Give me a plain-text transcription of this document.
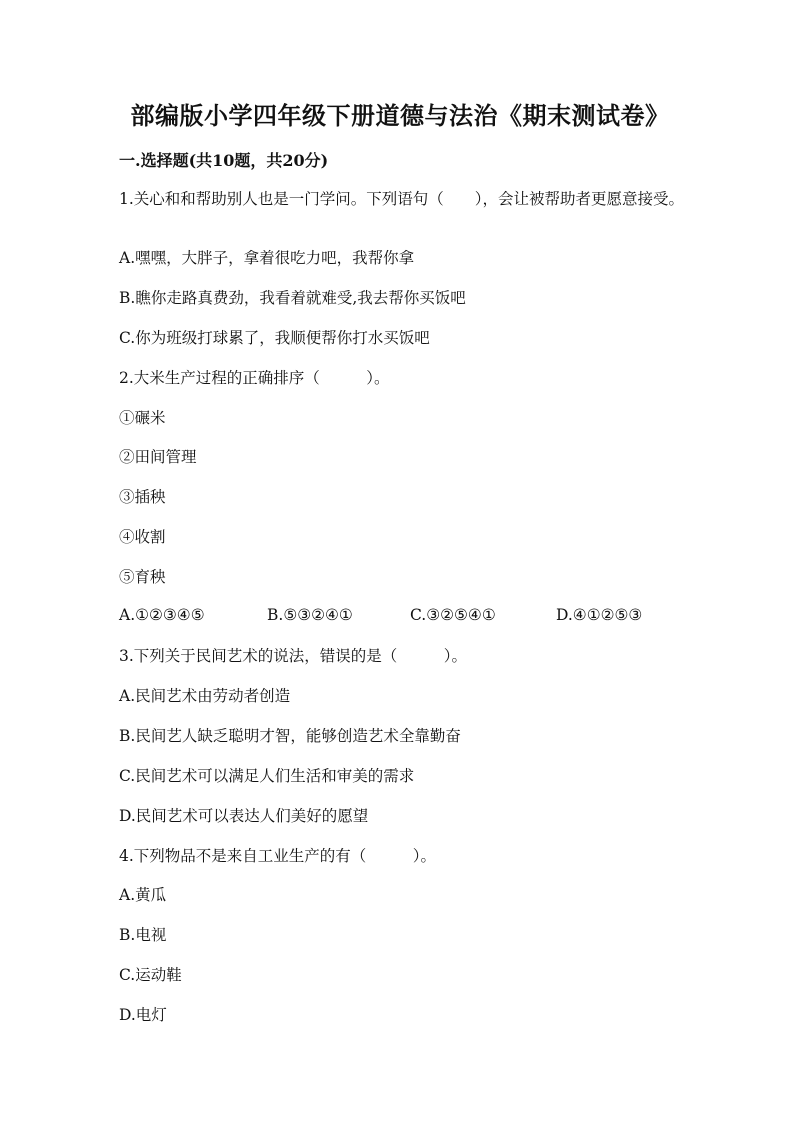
部编版小学四年级下册道德与法治《期末测试卷》
一.选择题(共10题，共20分)
1.关心和和帮助别人也是一门学问。下列语句（　　），会让被帮助者更愿意接受。
A.嘿嘿，大胖子，拿着很吃力吧，我帮你拿
B.瞧你走路真费劲，我看着就难受,我去帮你买饭吧
C.你为班级打球累了，我顺便帮你打水买饭吧
2.大米生产过程的正确排序（　　　）。
①碾米
②田间管理
③插秧
④收割
⑤育秧
A.①②③④⑤	B.⑤③②④①	C.③②⑤④①	D.④①②⑤③
3.下列关于民间艺术的说法，错误的是（　　　）。
A.民间艺术由劳动者创造
B.民间艺人缺乏聪明才智，能够创造艺术全靠勤奋
C.民间艺术可以满足人们生活和审美的需求
D.民间艺术可以表达人们美好的愿望
4.下列物品不是来自工业生产的有（　　　）。
A.黄瓜
B.电视
C.运动鞋
D.电灯
